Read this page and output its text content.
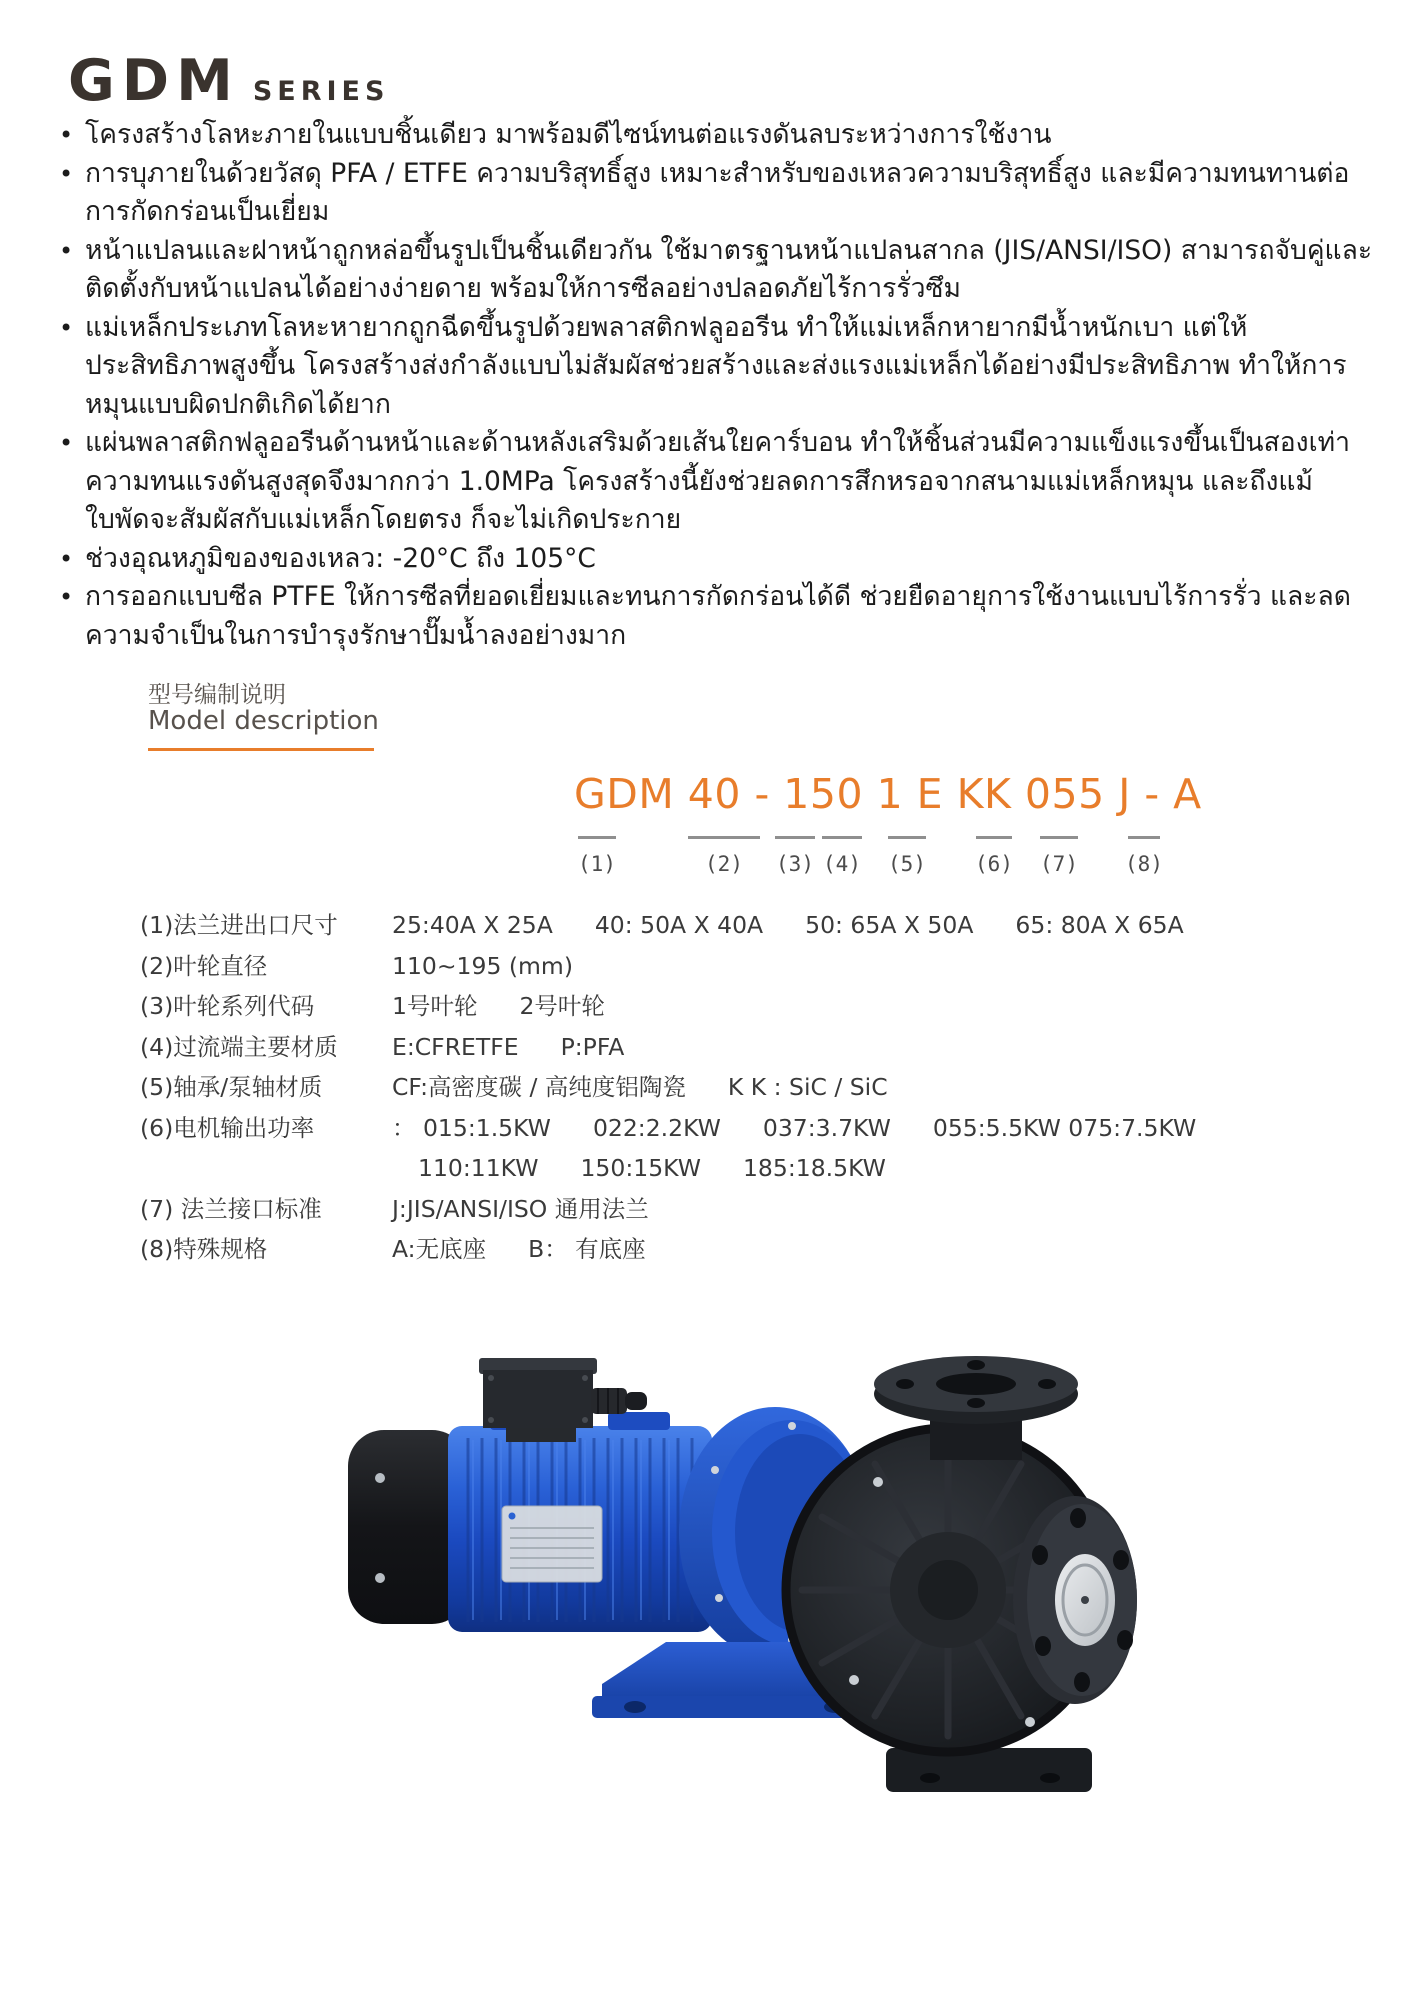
GDM SERIES
• โครงสร้างโลหะภายในแบบชิ้นเดียว มาพร้อมดีไซน์ทนต่อแรงดันลบระหว่างการใช้งาน
• การบุภายในด้วยวัสดุ PFA / ETFE ความบริสุทธิ์สูง เหมาะสำหรับของเหลวความบริสุทธิ์สูง และมีความทนทานต่อการกัดกร่อนเป็นเยี่ยม
• หน้าแปลนและฝาหน้าถูกหล่อขึ้นรูปเป็นชิ้นเดียวกัน ใช้มาตรฐานหน้าแปลนสากล (JIS/ANSI/ISO) สามารถจับคู่และติดตั้งกับหน้าแปลนได้อย่างง่ายดาย พร้อมให้การซีลอย่างปลอดภัยไร้การรั่วซึม
• แม่เหล็กประเภทโลหะหายากถูกฉีดขึ้นรูปด้วยพลาสติกฟลูออรีน ทำให้แม่เหล็กหายากมีน้ำหนักเบา แต่ให้ประสิทธิภาพสูงขึ้น โครงสร้างส่งกำลังแบบไม่สัมผัสช่วยสร้างและส่งแรงแม่เหล็กได้อย่างมีประสิทธิภาพ ทำให้การหมุนแบบผิดปกติเกิดได้ยาก
• แผ่นพลาสติกฟลูออรีนด้านหน้าและด้านหลังเสริมด้วยเส้นใยคาร์บอน ทำให้ชิ้นส่วนมีความแข็งแรงขึ้นเป็นสองเท่า ความทนแรงดันสูงสุดจึงมากกว่า 1.0MPa โครงสร้างนี้ยังช่วยลดการสึกหรอจากสนามแม่เหล็กหมุน และถึงแม้ใบพัดจะสัมผัสกับแม่เหล็กโดยตรง ก็จะไม่เกิดประกาย
• ช่วงอุณหภูมิของของเหลว: -20°C ถึง 105°C
• การออกแบบซีล PTFE ให้การซีลที่ยอดเยี่ยมและทนการกัดกร่อนได้ดี ช่วยยืดอายุการใช้งานแบบไร้การรั่ว และลดความจำเป็นในการบำรุงรักษาปั๊มน้ำลงอย่างมาก
型号编制说明
Model description
GDM 40 - 150 1 E KK 055 J - A
(1)	(2) (3) (4) (5) (6) (7) (8)
(1)法兰进出口尺寸	25:40A X 25A 40: 50A X 40A 50: 65A X 50A 65: 80A X 65A
(2)叶轮直径	110~195 (mm)
(3)叶轮系列代码	1号叶轮 2号叶轮
(4)过流端主要材质	E:CFRETFE P:PFA
(5)轴承/泵轴材质	CF:高密度碳 / 高纯度铝陶瓷 K K : SiC / SiC
(6)电机输出功率	： 015:1.5KW 022:2.2KW 037:3.7KW 055:5.5KW 075:7.5KW
110:11KW 150:15KW 185:18.5KW
(7) 法兰接口标准	J:JIS/ANSI/ISO 通用法兰
(8)特殊规格	A:无底座 B： 有底座
